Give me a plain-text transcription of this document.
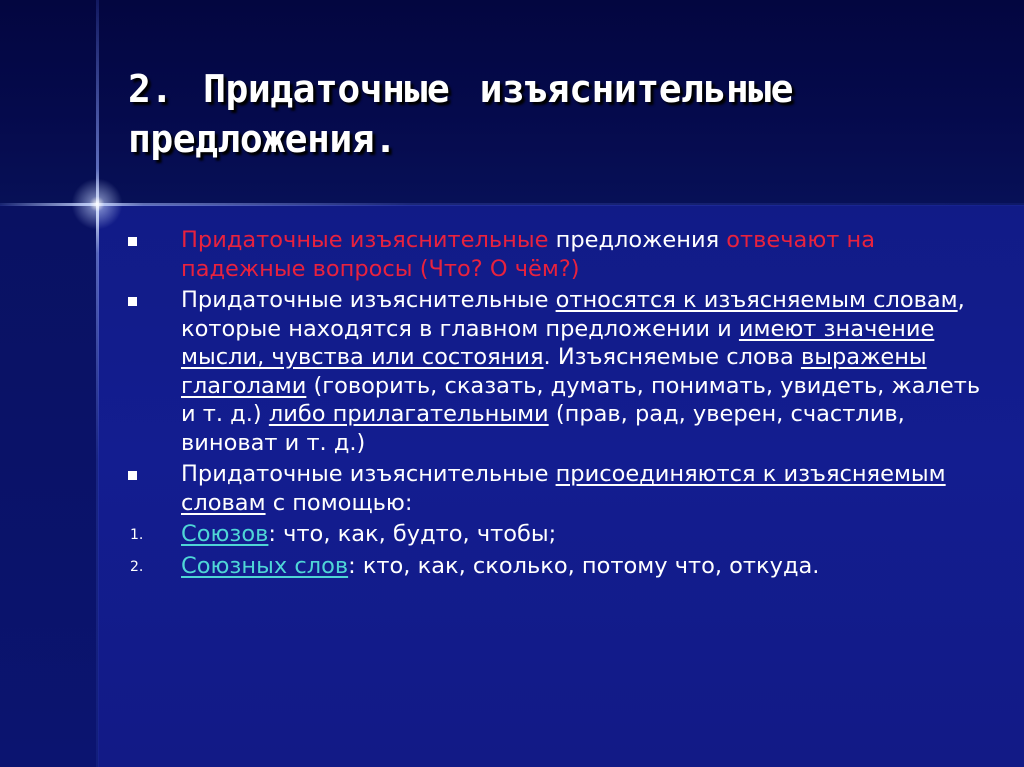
2. Придаточные изъяснительные предложения.
Придаточные изъяснительные предложения отвечают на падежные вопросы (Что? О чём?)
Придаточные изъяснительные относятся к изъясняемым словам, которые находятся в главном предложении и имеют значение мысли, чувства или состояния. Изъясняемые слова выражены глаголами (говорить, сказать, думать, понимать, увидеть, жалеть и т. д.) либо прилагательными (прав, рад, уверен, счастлив, виноват и т. д.)
Придаточные изъяснительные присоединяются к изъясняемым словам с помощью:
1. Союзов: что, как, будто, чтобы;
2. Союзных слов: кто, как, сколько, потому что, откуда.
